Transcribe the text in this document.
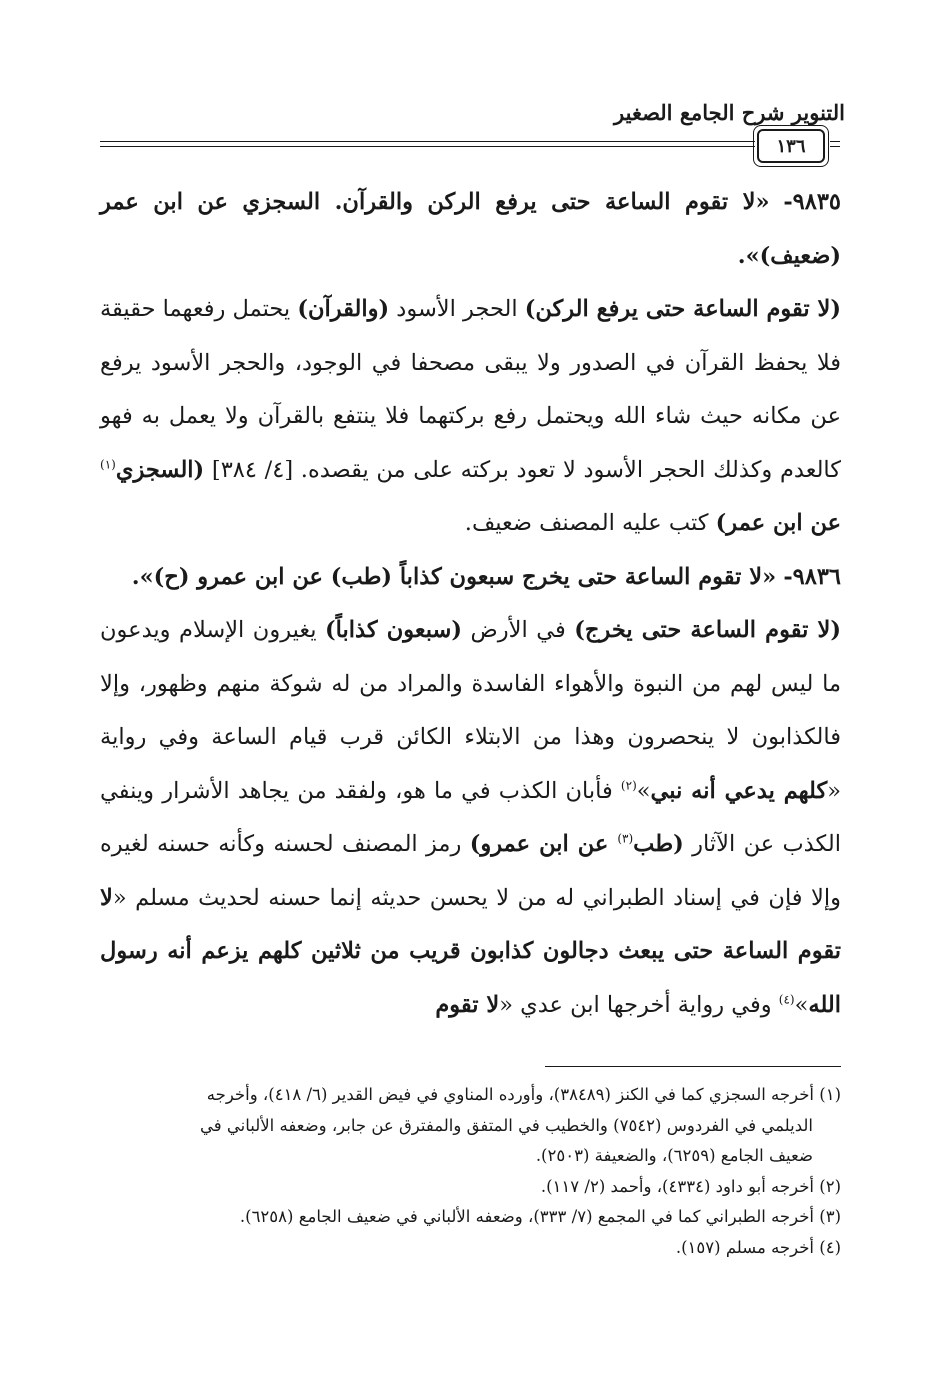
التنوير شرح الجامع الصغير
١٣٦

٩٨٣٥- «لا تقوم الساعة حتى يرفع الركن والقرآن. السجزي عن ابن عمر (ضعيف)».

(لا تقوم الساعة حتى يرفع الركن) الحجر الأسود (والقرآن) يحتمل رفعهما حقيقة فلا يحفظ القرآن في الصدور ولا يبقى مصحفا في الوجود، والحجر الأسود يرفع عن مكانه حيث شاء الله ويحتمل رفع بركتهما فلا ينتفع بالقرآن ولا يعمل به فهو كالعدم وكذلك الحجر الأسود لا تعود بركته على من يقصده. [٤/ ٣٨٤] (السجزي$^{(١)}$ عن ابن عمر) كتب عليه المصنف ضعيف.

٩٨٣٦- «لا تقوم الساعة حتى يخرج سبعون كذاباً (طب) عن ابن عمرو (ح)».

(لا تقوم الساعة حتى يخرج) في الأرض (سبعون كذاباً) يغيرون الإسلام ويدعون ما ليس لهم من النبوة والأهواء الفاسدة والمراد من له شوكة منهم وظهور، وإلا فالكذابون لا ينحصرون وهذا من الابتلاء الكائن قرب قيام الساعة وفي رواية «كلهم يدعي أنه نبي»$^{(٢)}$ فأبان الكذب في ما هو، ولفقد من يجاهد الأشرار وينفي الكذب عن الآثار (طب$^{(٣)}$ عن ابن عمرو) رمز المصنف لحسنه وكأنه حسنه لغيره وإلا فإن في إسناد الطبراني له من لا يحسن حديثه إنما حسنه لحديث مسلم «لا تقوم الساعة حتى يبعث دجالون كذابون قريب من ثلاثين كلهم يزعم أنه رسول الله»$^{(٤)}$ وفي رواية أخرجها ابن عدي «لا تقوم

(١) أخرجه السجزي كما في الكنز (٣٨٤٨٩)، وأورده المناوي في فيض القدير (٦/ ٤١٨)، وأخرجه

الديلمي في الفردوس (٧٥٤٢) والخطيب في المتفق والمفترق عن جابر، وضعفه الألباني في

ضعيف الجامع (٦٢٥٩)، والضعيفة (٢٥٠٣).

(٢) أخرجه أبو داود (٤٣٣٤)، وأحمد (٢/ ١١٧).

(٣) أخرجه الطبراني كما في المجمع (٧/ ٣٣٣)، وضعفه الألباني في ضعيف الجامع (٦٢٥٨).

(٤) أخرجه مسلم (١٥٧).
